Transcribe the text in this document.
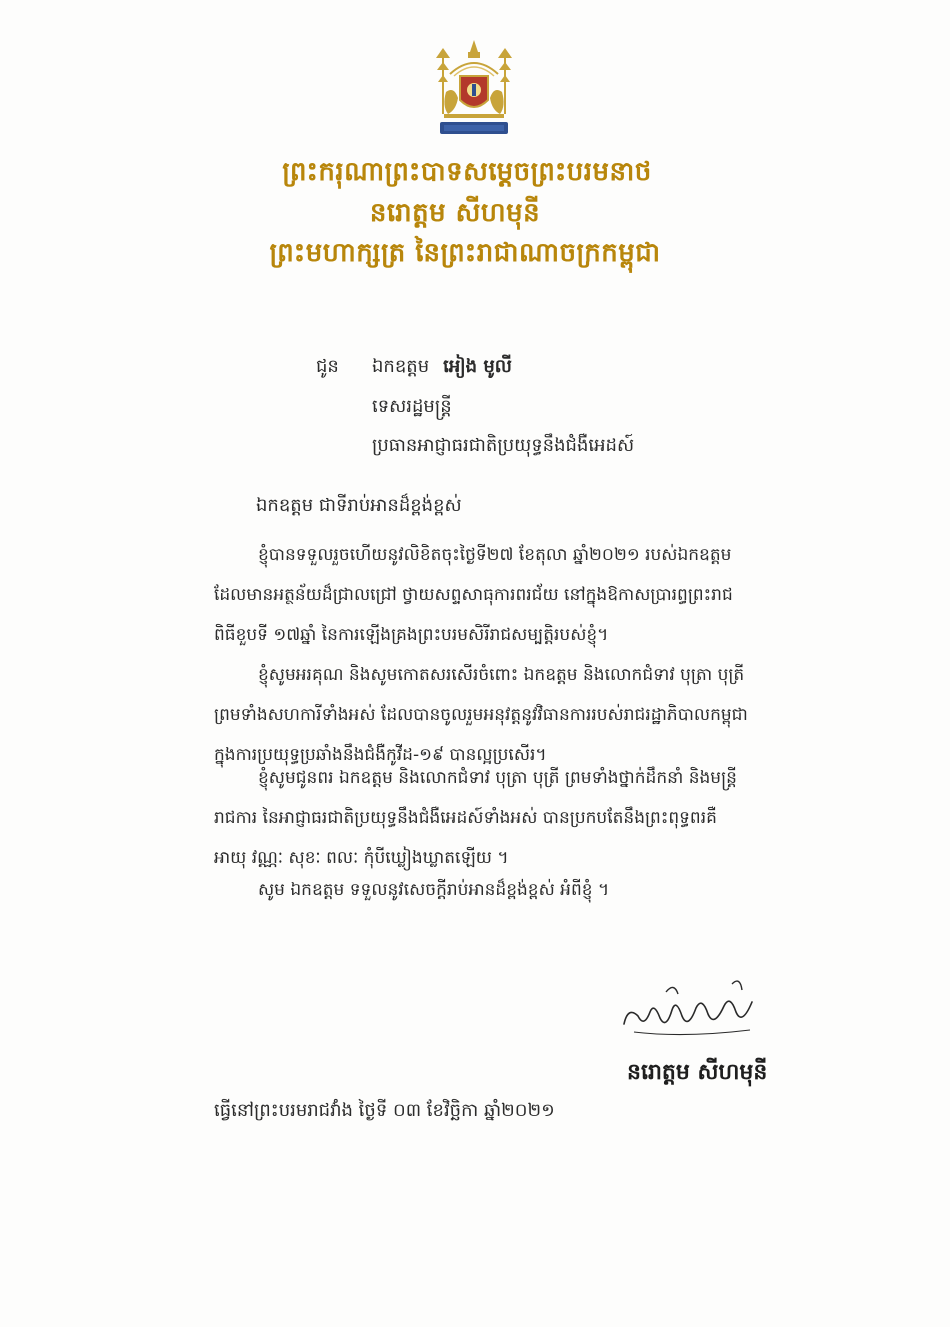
ព្រះករុណាព្រះបាទសម្តេចព្រះបរមនាថ
នរោត្តម សីហមុនី
ព្រះមហាក្សត្រ នៃព្រះរាជាណាចក្រកម្ពុជា
ជូន ឯកឧត្តម អៀង មូលី
ទេសរដ្ឋមន្ត្រី
ប្រធានអាជ្ញាធរជាតិប្រយុទ្ធនឹងជំងឺអេដស៍
ឯកឧត្តម ជាទីរាប់អានដ៏ខ្ពង់ខ្ពស់
ខ្ញុំបានទទួលរួចហើយនូវលិខិតចុះថ្ងៃទី២៧ ខែតុលា ឆ្នាំ២០២១ របស់ឯកឧត្តម
ដែលមានអត្ថន័យដ៏ជ្រាលជ្រៅ ថ្វាយសព្ទសាធុការពរជ័យ នៅក្នុងឱកាសប្រារព្ធព្រះរាជ
ពិធីខួបទី ១៧ឆ្នាំ នៃការឡើងគ្រងព្រះបរមសិរីរាជសម្បត្តិរបស់ខ្ញុំ។
ខ្ញុំសូមអរគុណ និងសូមកោតសរសើរចំពោះ ឯកឧត្តម និងលោកជំទាវ បុត្រា បុត្រី
ព្រមទាំងសហការីទាំងអស់ ដែលបានចូលរួមអនុវត្តនូវវិធានការរបស់រាជរដ្ឋាភិបាលកម្ពុជា
ក្នុងការប្រយុទ្ធប្រឆាំងនឹងជំងឺកូវីដ-១៩ បានល្អប្រសើរ។
ខ្ញុំសូមជូនពរ ឯកឧត្តម និងលោកជំទាវ បុត្រា បុត្រី ព្រមទាំងថ្នាក់ដឹកនាំ និងមន្ត្រី
រាជការ នៃអាជ្ញាធរជាតិប្រយុទ្ធនឹងជំងឺអេដស៍ទាំងអស់ បានប្រកបតែនឹងព្រះពុទ្ធពរគឺ
អាយុ វណ្ណៈ សុខៈ ពលៈ កុំបីឃ្លៀងឃ្លាតឡើយ ។
សូម ឯកឧត្តម ទទួលនូវសេចក្តីរាប់អានដ៏ខ្ពង់ខ្ពស់ អំពីខ្ញុំ ។
នរោត្តម សីហមុនី
ធ្វើនៅព្រះបរមរាជវាំង ថ្ងៃទី ០៣ ខែវិច្ឆិកា ឆ្នាំ២០២១
